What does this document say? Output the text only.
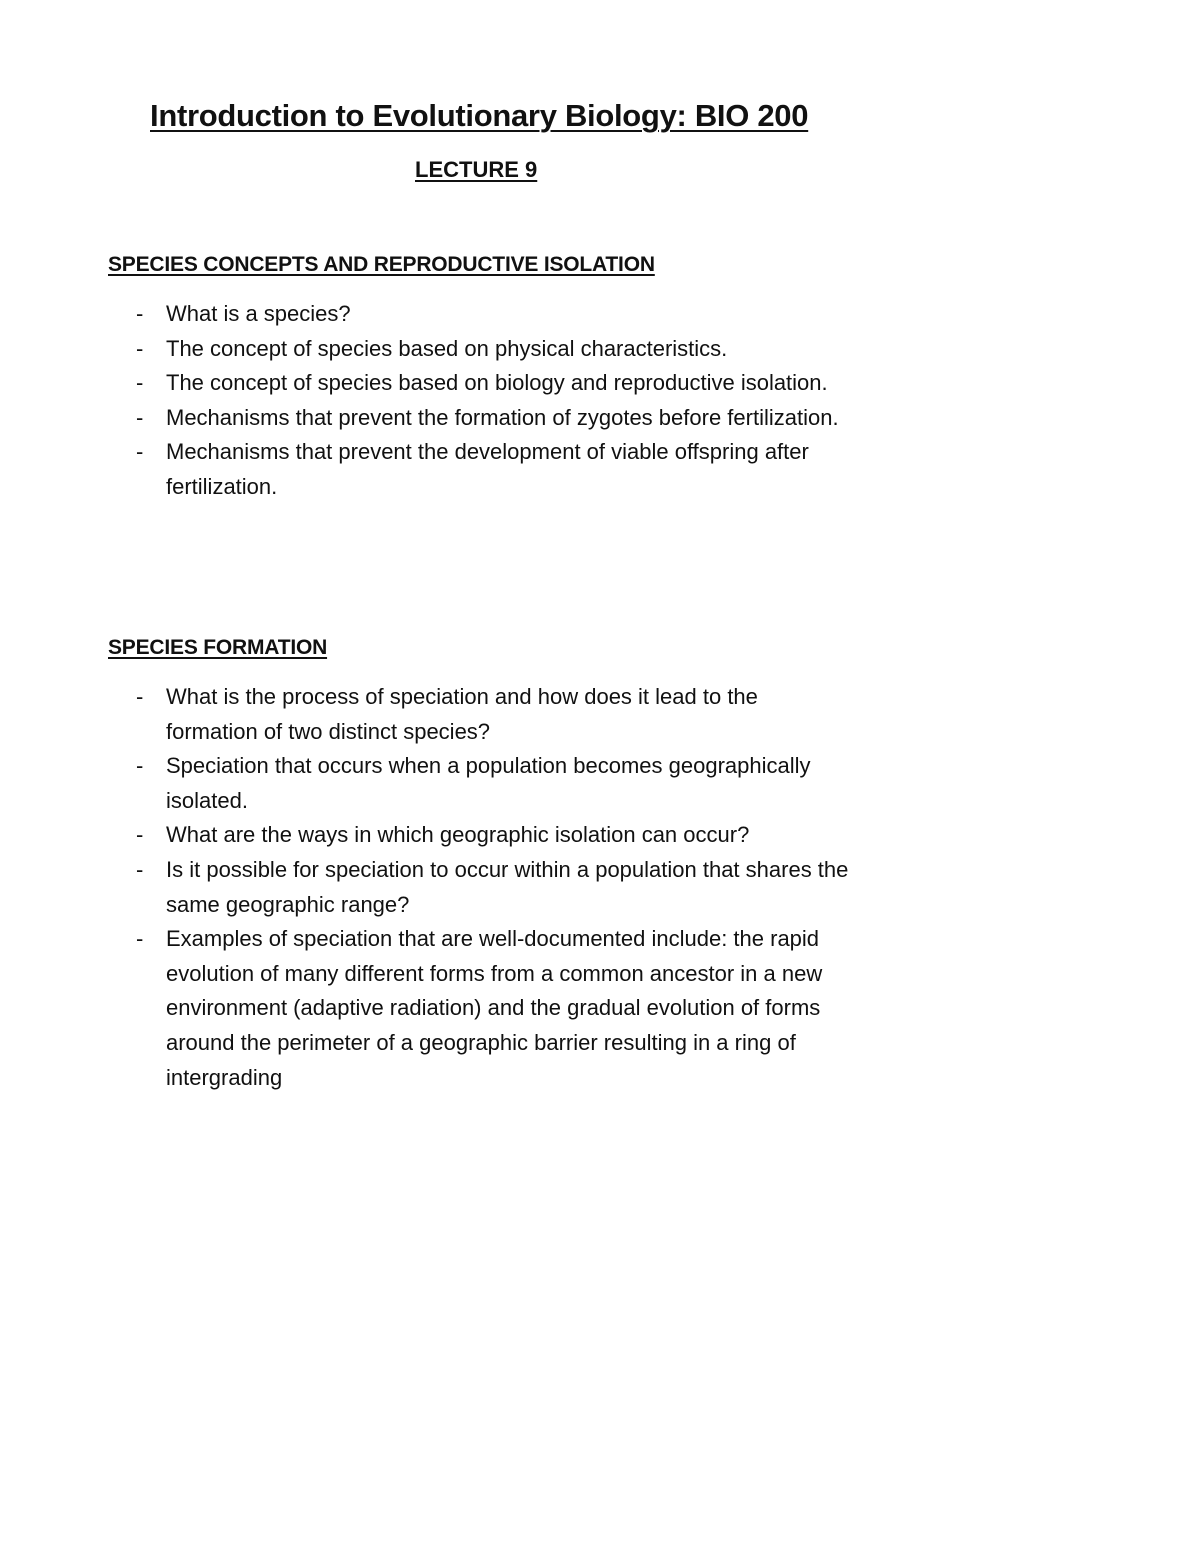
Introduction to Evolutionary Biology: BIO 200
LECTURE 9
SPECIES CONCEPTS AND REPRODUCTIVE ISOLATION
- What is a species?
- The concept of species based on physical characteristics.
- The concept of species based on biology and reproductive isolation.
- Mechanisms that prevent the formation of zygotes before fertilization.
- Mechanisms that prevent the development of viable offspring after fertilization.
SPECIES FORMATION
- What is the process of speciation and how does it lead to the formation of two distinct species?
- Speciation that occurs when a population becomes geographically isolated.
- What are the ways in which geographic isolation can occur?
- Is it possible for speciation to occur within a population that shares the same geographic range?
- Examples of speciation that are well-documented include: the rapid evolution of many different forms from a common ancestor in a new environment (adaptive radiation) and the gradual evolution of forms around the perimeter of a geographic barrier resulting in a ring of intergrading
